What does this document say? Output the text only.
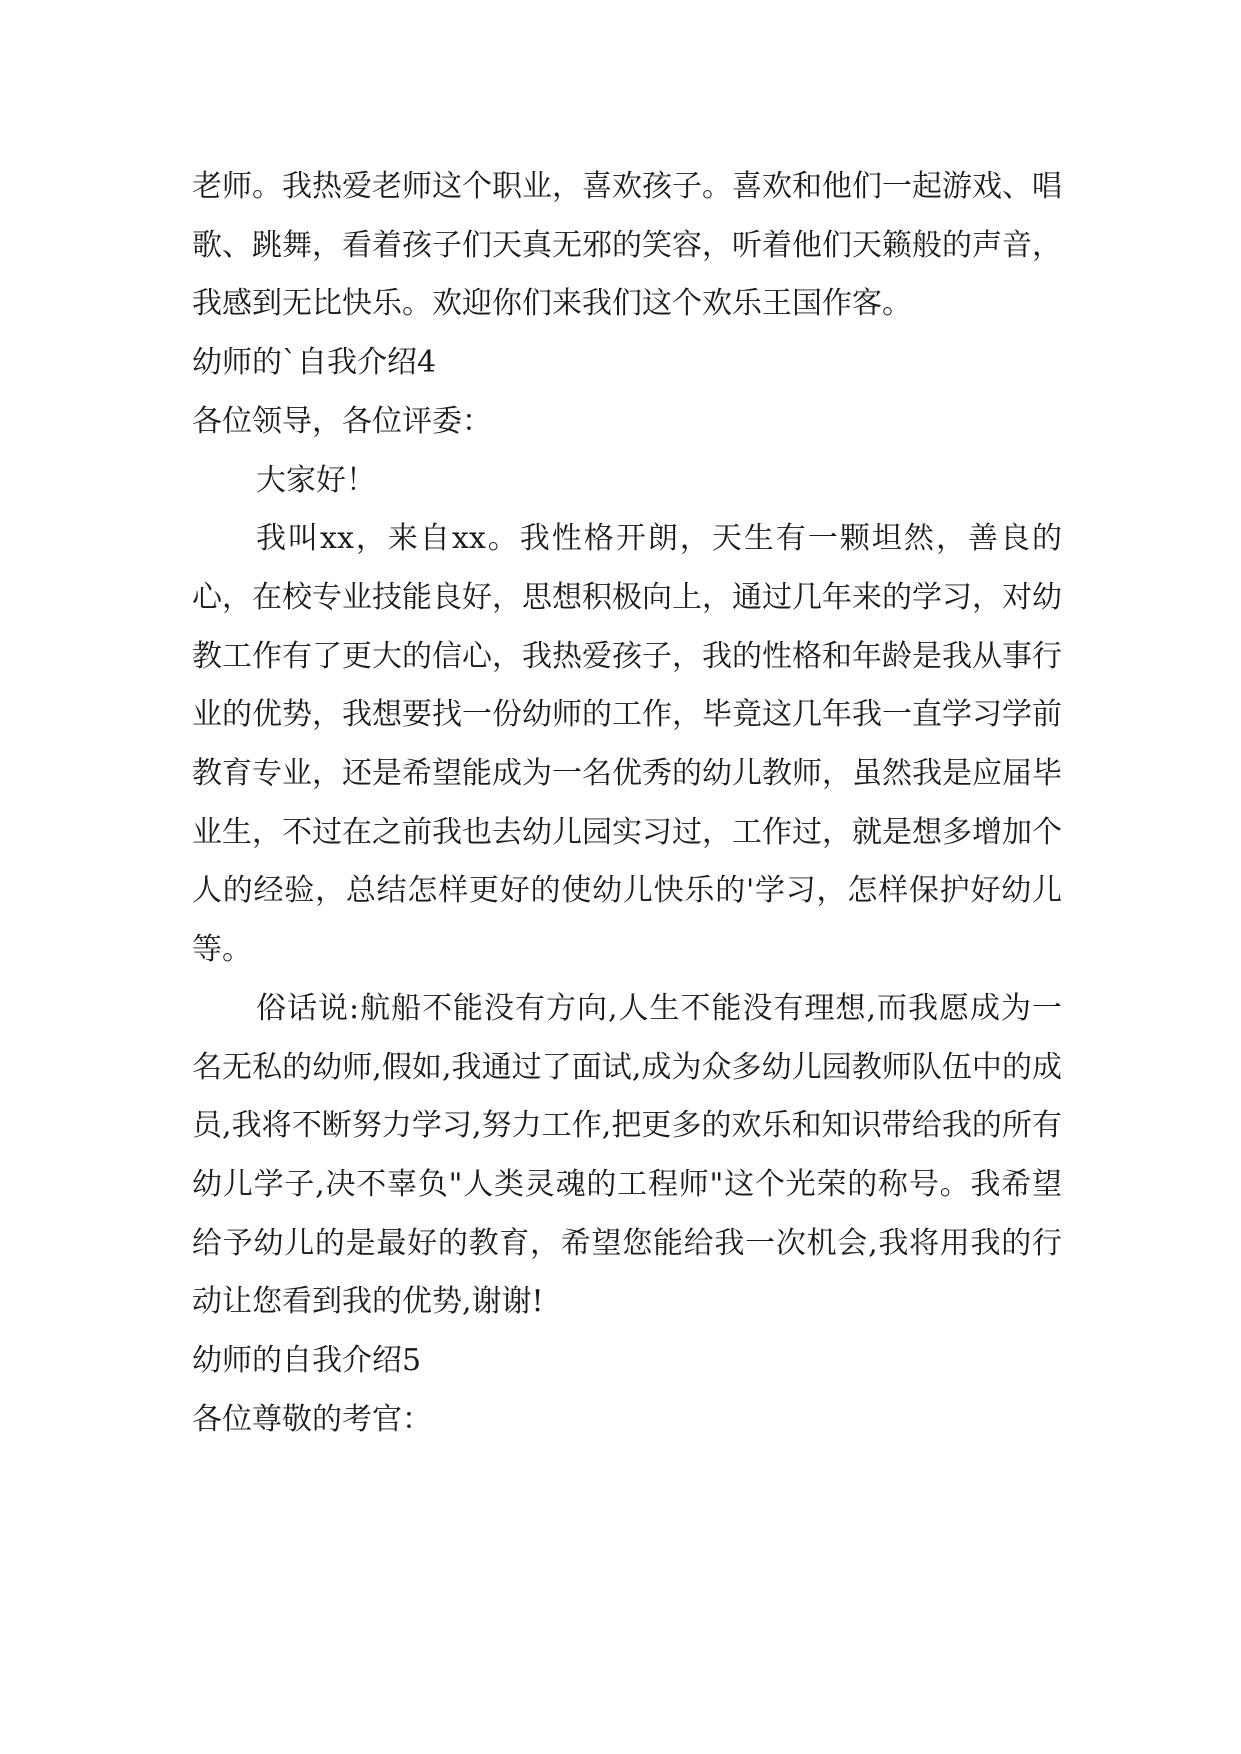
老师。我热爱老师这个职业，喜欢孩子。喜欢和他们一起游戏、唱歌、跳舞，看着孩子们天真无邪的笑容，听着他们天籁般的声音，我感到无比快乐。欢迎你们来我们这个欢乐王国作客。

幼师的`自我介绍4

各位领导，各位评委：

大家好！

我叫xx，来自xx。我性格开朗，天生有一颗坦然，善良的心，在校专业技能良好，思想积极向上，通过几年来的学习，对幼教工作有了更大的信心，我热爱孩子，我的性格和年龄是我从事行业的优势，我想要找一份幼师的工作，毕竟这几年我一直学习学前教育专业，还是希望能成为一名优秀的幼儿教师，虽然我是应届毕业生，不过在之前我也去幼儿园实习过，工作过，就是想多增加个人的经验，总结怎样更好的使幼儿快乐的'学习，怎样保护好幼儿等。

俗话说:航船不能没有方向,人生不能没有理想,而我愿成为一名无私的幼师,假如,我通过了面试,成为众多幼儿园教师队伍中的成员,我将不断努力学习,努力工作,把更多的欢乐和知识带给我的所有幼儿学子,决不辜负"人类灵魂的工程师"这个光荣的称号。我希望给予幼儿的是最好的教育，希望您能给我一次机会,我将用我的行动让您看到我的优势,谢谢!

幼师的自我介绍5

各位尊敬的考官：
